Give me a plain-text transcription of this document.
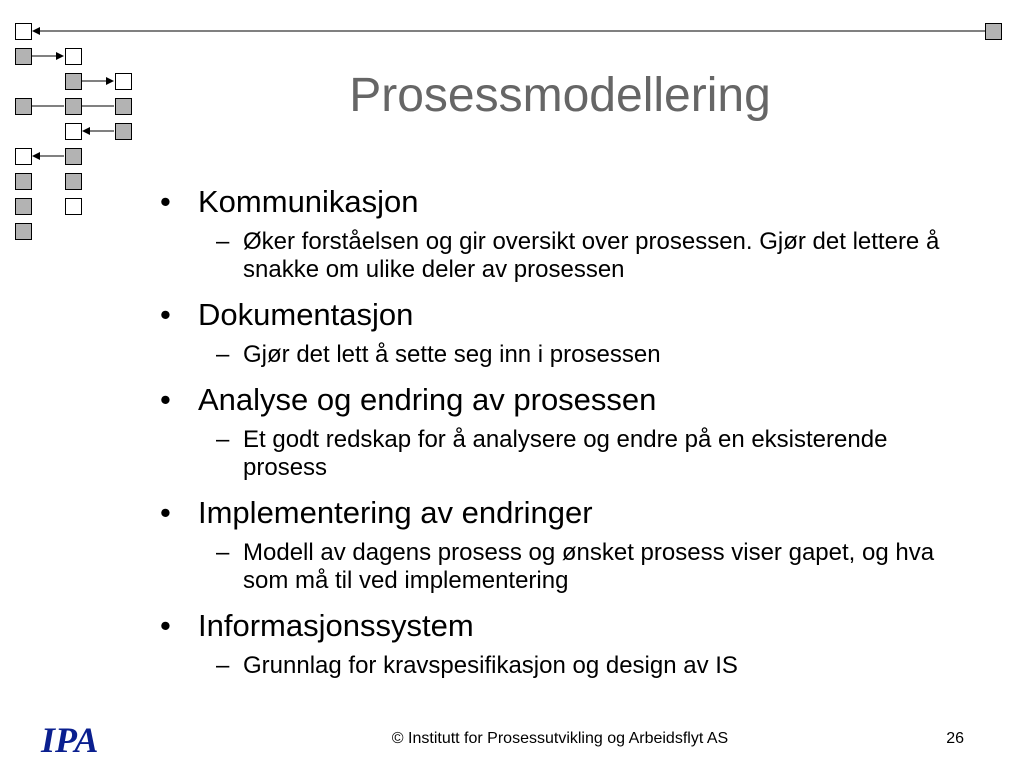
Prosessmodellering
• Kommunikasjon
– Øker forståelsen og gir oversikt over prosessen. Gjør det lettere å snakke om ulike deler av prosessen
• Dokumentasjon
– Gjør det lett å sette seg inn i prosessen
• Analyse og endring av prosessen
– Et godt redskap for å analysere og endre på en eksisterende prosess
• Implementering av endringer
– Modell av dagens prosess og ønsket prosess viser gapet, og hva som må til ved implementering
• Informasjonssystem
– Grunnlag for kravspesifikasjon og design av IS
IPA	© Institutt for Prosessutvikling og Arbeidsflyt AS	26
